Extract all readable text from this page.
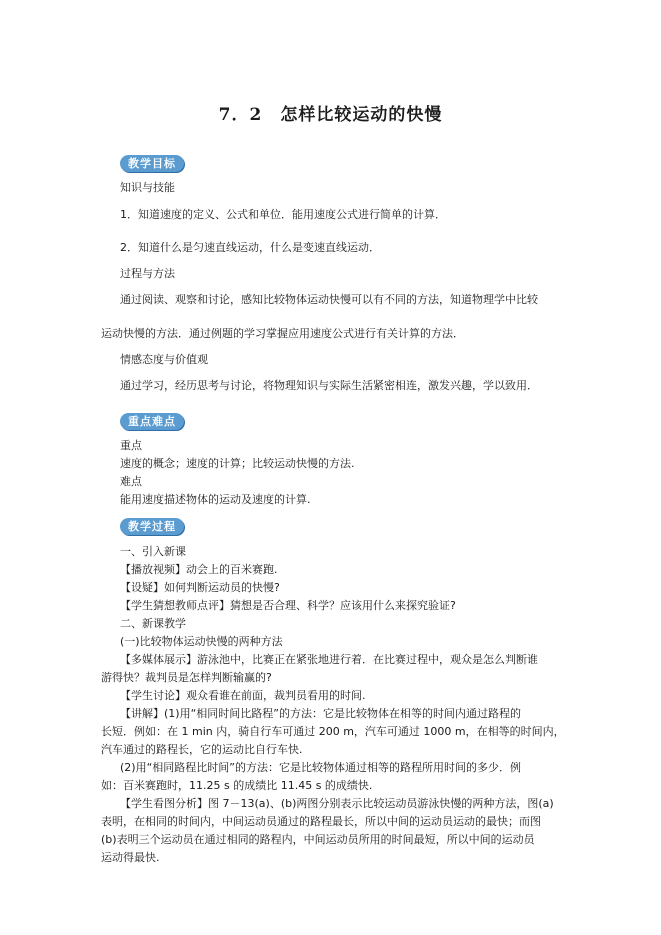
7．2　怎样比较运动的快慢
教学目标
知识与技能
1．知道速度的定义、公式和单位．能用速度公式进行简单的计算．
2．知道什么是匀速直线运动，什么是变速直线运动．
过程与方法
通过阅读、观察和讨论，感知比较物体运动快慢可以有不同的方法，知道物理学中比较
运动快慢的方法．通过例题的学习掌握应用速度公式进行有关计算的方法．
情感态度与价值观
通过学习，经历思考与讨论，将物理知识与实际生活紧密相连，激发兴趣，学以致用．
重点难点
重点
速度的概念；速度的计算；比较运动快慢的方法.
难点
能用速度描述物体的运动及速度的计算.
教学过程
一、引入新课
【播放视频】动会上的百米赛跑.
【设疑】如何判断运动员的快慢?
【学生猜想教师点评】猜想是否合理、科学？应该用什么来探究验证?
二、新课教学
(一)比较物体运动快慢的两种方法
【多媒体展示】游泳池中，比赛正在紧张地进行着．在比赛过程中，观众是怎么判断谁
游得快？裁判员是怎样判断输赢的?
【学生讨论】观众看谁在前面，裁判员看用的时间.
【讲解】(1)用“相同时间比路程”的方法：它是比较物体在相等的时间内通过路程的
长短．例如：在 1 min 内，骑自行车可通过 200 m，汽车可通过 1000 m，在相等的时间内，
汽车通过的路程长，它的运动比自行车快.
(2)用“相同路程比时间”的方法：它是比较物体通过相等的路程所用时间的多少．例
如：百米赛跑时，11.25 s 的成绩比 11.45 s 的成绩快.
【学生看图分析】图 7－13(a)、(b)两图分别表示比较运动员游泳快慢的两种方法，图(a)
表明，在相同的时间内，中间运动员通过的路程最长，所以中间的运动员运动的最快；而图
(b)表明三个运动员在通过相同的路程内，中间运动员所用的时间最短，所以中间的运动员
运动得最快.
